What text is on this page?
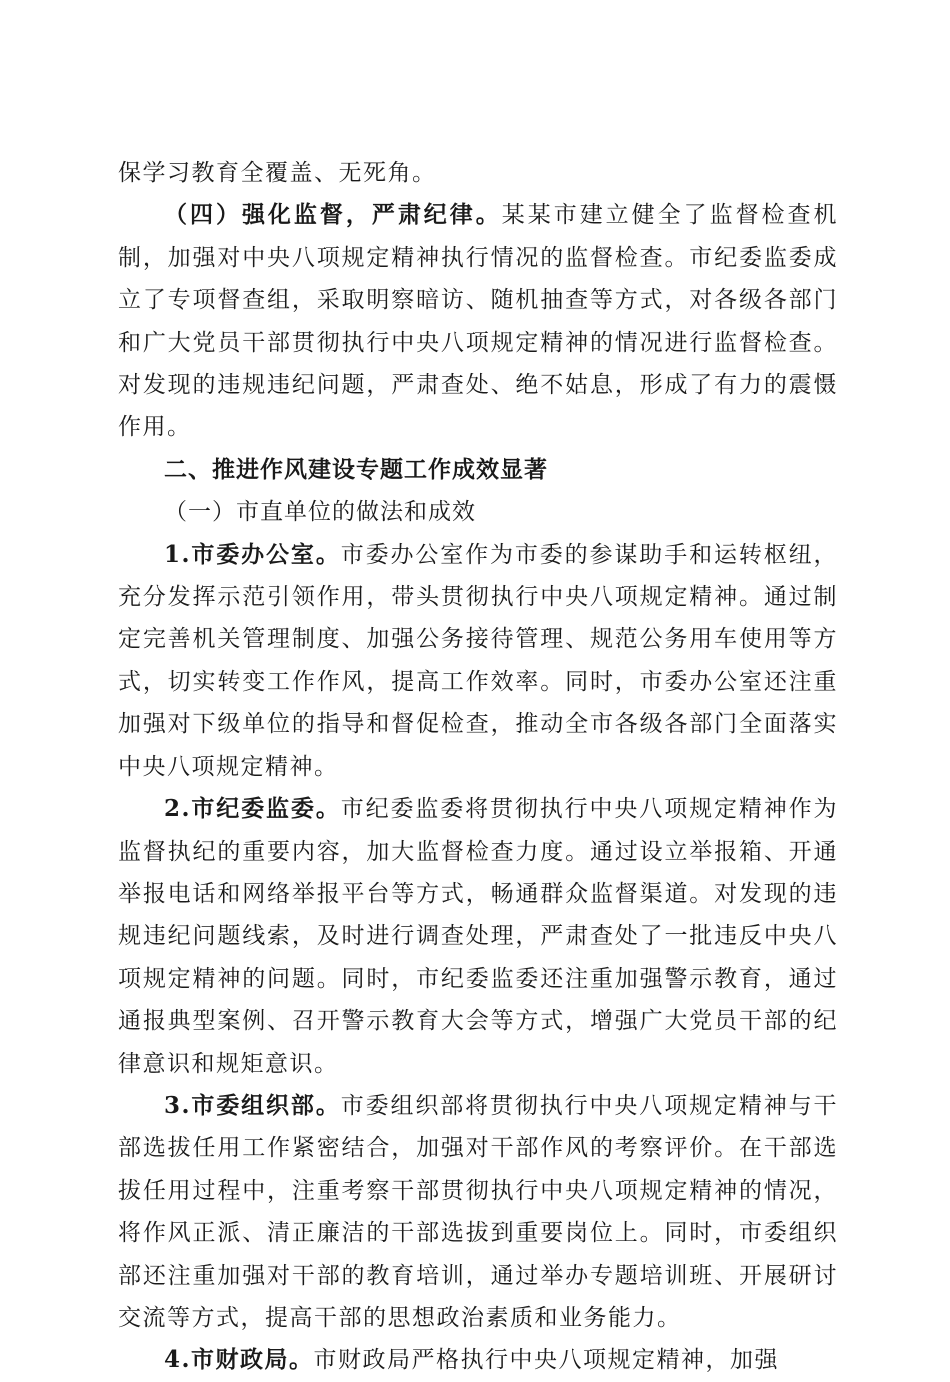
保学习教育全覆盖、无死角。

（四）强化监督，严肃纪律。某某市建立健全了监督检查机制，加强对中央八项规定精神执行情况的监督检查。市纪委监委成立了专项督查组，采取明察暗访、随机抽查等方式，对各级各部门和广大党员干部贯彻执行中央八项规定精神的情况进行监督检查。对发现的违规违纪问题，严肃查处、绝不姑息，形成了有力的震慑作用。

二、推进作风建设专题工作成效显著

（一）市直单位的做法和成效

1.市委办公室。市委办公室作为市委的参谋助手和运转枢纽，充分发挥示范引领作用，带头贯彻执行中央八项规定精神。通过制定完善机关管理制度、加强公务接待管理、规范公务用车使用等方式，切实转变工作作风，提高工作效率。同时，市委办公室还注重加强对下级单位的指导和督促检查，推动全市各级各部门全面落实中央八项规定精神。

2.市纪委监委。市纪委监委将贯彻执行中央八项规定精神作为监督执纪的重要内容，加大监督检查力度。通过设立举报箱、开通举报电话和网络举报平台等方式，畅通群众监督渠道。对发现的违规违纪问题线索，及时进行调查处理，严肃查处了一批违反中央八项规定精神的问题。同时，市纪委监委还注重加强警示教育，通过通报典型案例、召开警示教育大会等方式，增强广大党员干部的纪律意识和规矩意识。

3.市委组织部。市委组织部将贯彻执行中央八项规定精神与干部选拔任用工作紧密结合，加强对干部作风的考察评价。在干部选拔任用过程中，注重考察干部贯彻执行中央八项规定精神的情况，将作风正派、清正廉洁的干部选拔到重要岗位上。同时，市委组织部还注重加强对干部的教育培训，通过举办专题培训班、开展研讨交流等方式，提高干部的思想政治素质和业务能力。

4.市财政局。市财政局严格执行中央八项规定精神，加强
